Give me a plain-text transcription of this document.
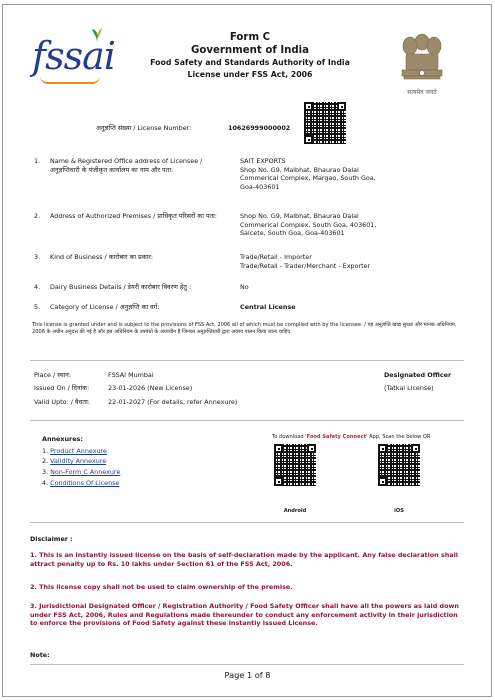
fssai	Form C
Government of India
Food Safety and Standards Authority of India
License under FSS Act, 2006
सत्यमेव जयते
अनुज्ञप्ति संख्या / License Number:	10626999000002
1. Name & Registered Office address of Licensee / अनुज्ञप्तिधारी के पंजीकृत कार्यालय का नाम और पता:
SAIT EXPORTS
Shop No. G9, Malbhat, Bhaurao Dalal
Commerical Complex, Margao, South Goa,
Goa-403601
2. Address of Authorized Premises / प्राधिकृत परिसरों का पता:	Shop No. G9, Malbhat, Bhaurao Dalal
Commerical Complex, South Goa, 403601,
Salcete, South Goa, Goa-403601
3. Kind of Business / कारोबार का प्रकार:	Trade/Retail - Importer
Trade/Retail - Trader/Merchant - Exporter
4. Dairy Business Details / डेयरी कारोबार विवरण हेतु :	No
5. Category of License / अनुज्ञप्ति का वर्ग:	Central License
This license is granted under and is subject to the provisions of FSS Act, 2006 all of which must be complied with by the licensee. / यह अनुज्ञप्ति खाद्य सुरक्षा और मानक अधिनियम, 2006 के अधीन अनुदत्त की गई है और इस अधिनियम के उपबंधों के अध्यधीन है जिनका अनुज्ञप्तिधारी द्वारा अवश्य पालन किया जाना चाहिए.
Place / स्थान:	FSSAI Mumbai
Issued On / दिनांक:	23-01-2026 (New License)
Valid Upto: / वैधता:	22-01-2027 (For details, refer Annexure)
Designated Officer
(Tatkal License)
Annexures:
1. Product Annexure
2. Validity Annexure
3. Non-Form C Annexure
4. Conditions Of License
To download 'Food Safety Connect' App, Scan the below QR
Android	iOS
Disclaimer :
1. This is an instantly issued license on the basis of self-declaration made by the applicant. Any false declaration shall attract penalty up to Rs. 10 lakhs under Section 61 of the FSS Act, 2006.
2. This license copy shall not be used to claim ownership of the premise.
3. Jurisdictional Designated Officer / Registration Authority / Food Safety Officer shall have all the powers as laid down under FSS Act, 2006, Rules and Regulations made thereunder to conduct any enforcement activity in their jurisdiction to enforce the provisions of Food Safety against these instantly issued License.
Note:
Page 1 of 8
